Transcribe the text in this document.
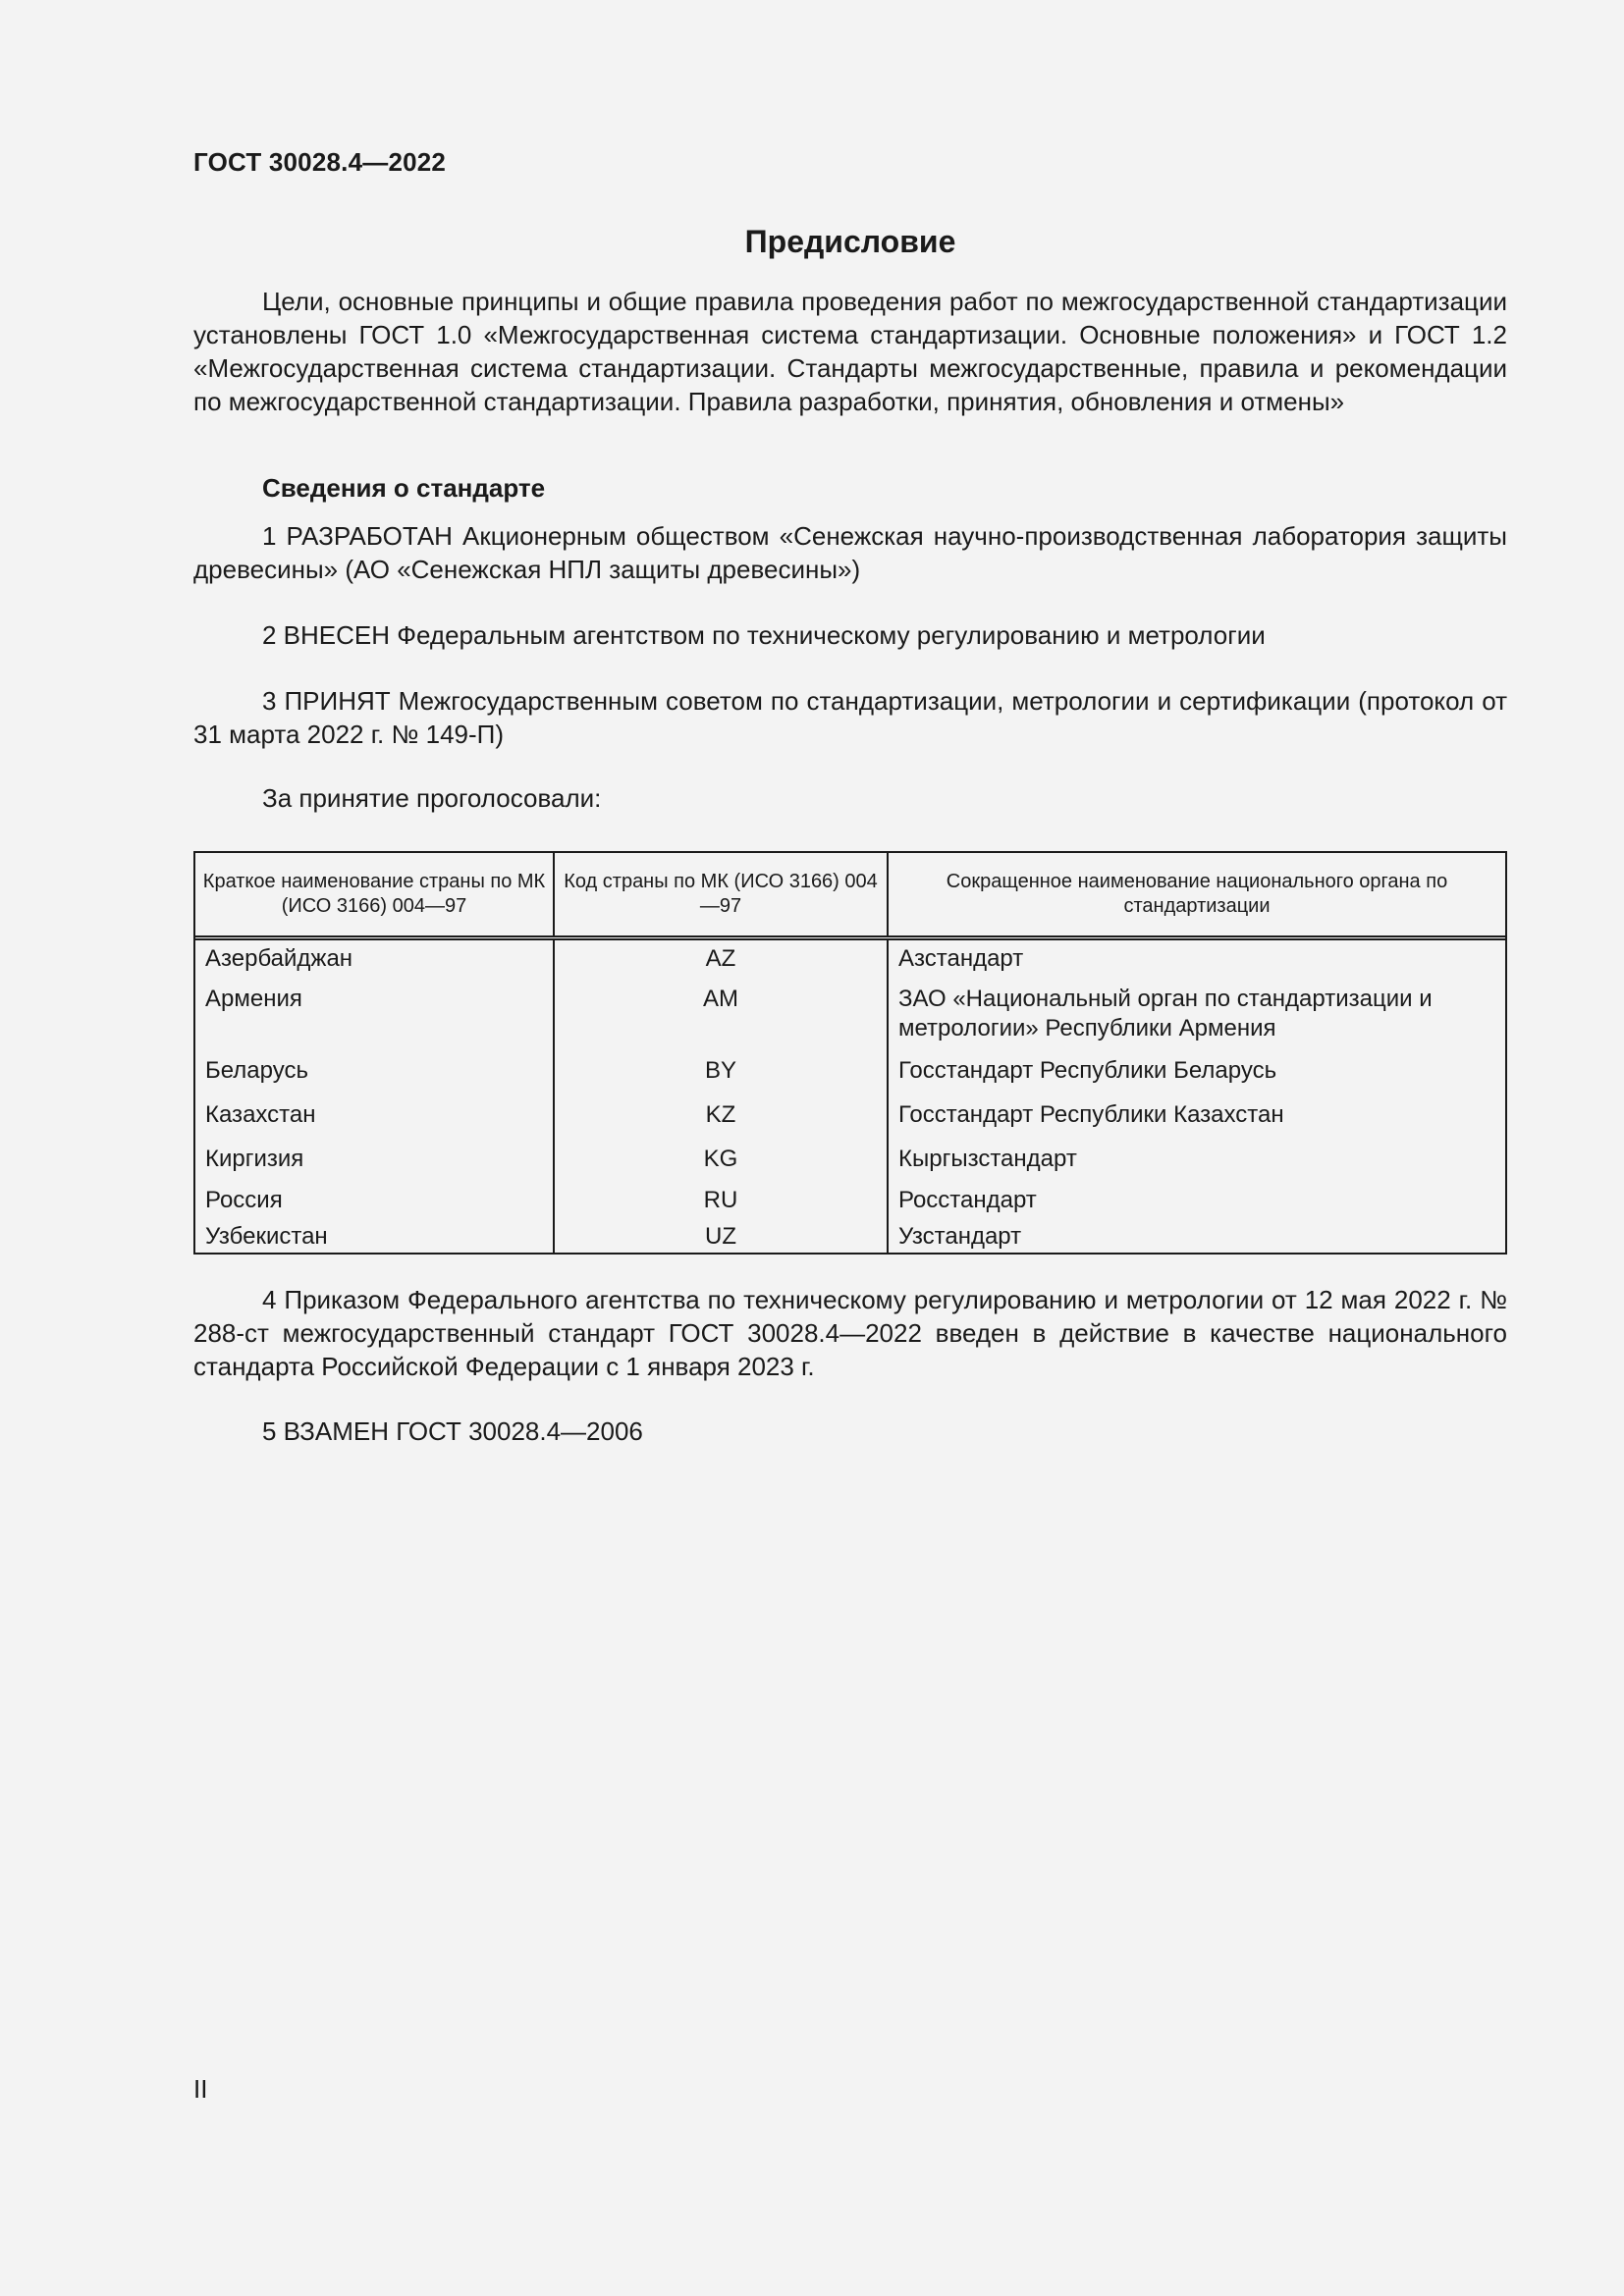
ГОСТ 30028.4—2022
Предисловие

Цели, основные принципы и общие правила проведения работ по межгосударственной стандартизации установлены ГОСТ 1.0 «Межгосударственная система стандартизации. Основные положения» и ГОСТ 1.2 «Межгосударственная система стандартизации. Стандарты межгосударственные, правила и рекомендации по межгосударственной стандартизации. Правила разработки, принятия, обновления и отмены»

Сведения о стандарте

1 РАЗРАБОТАН Акционерным обществом «Сенежская научно-производственная лаборатория защиты древесины» (АО «Сенежская НПЛ защиты древесины»)

2 ВНЕСЕН Федеральным агентством по техническому регулированию и метрологии

3 ПРИНЯТ Межгосударственным советом по стандартизации, метрологии и сертификации (протокол от 31 марта 2022 г. № 149-П)

За принятие проголосовали:
Краткое наименование страны по МК (ИСО 3166) 004—97	Код страны по МК (ИСО 3166) 004—97	Сокращенное наименование национального органа по стандартизации
Азербайджан	AZ	Азстандарт
Армения	AM	ЗАО «Национальный орган по стандартизации и метрологии» Республики Армения
Беларусь	BY	Госстандарт Республики Беларусь
Казахстан	KZ	Госстандарт Республики Казахстан
Киргизия	KG	Кыргызстандарт
Россия	RU	Росстандарт
Узбекистан	UZ	Узстандарт

4 Приказом Федерального агентства по техническому регулированию и метрологии от 12 мая 2022 г. № 288-ст межгосударственный стандарт ГОСТ 30028.4—2022 введен в действие в качестве национального стандарта Российской Федерации с 1 января 2023 г.

5 ВЗАМЕН ГОСТ 30028.4—2006

II
